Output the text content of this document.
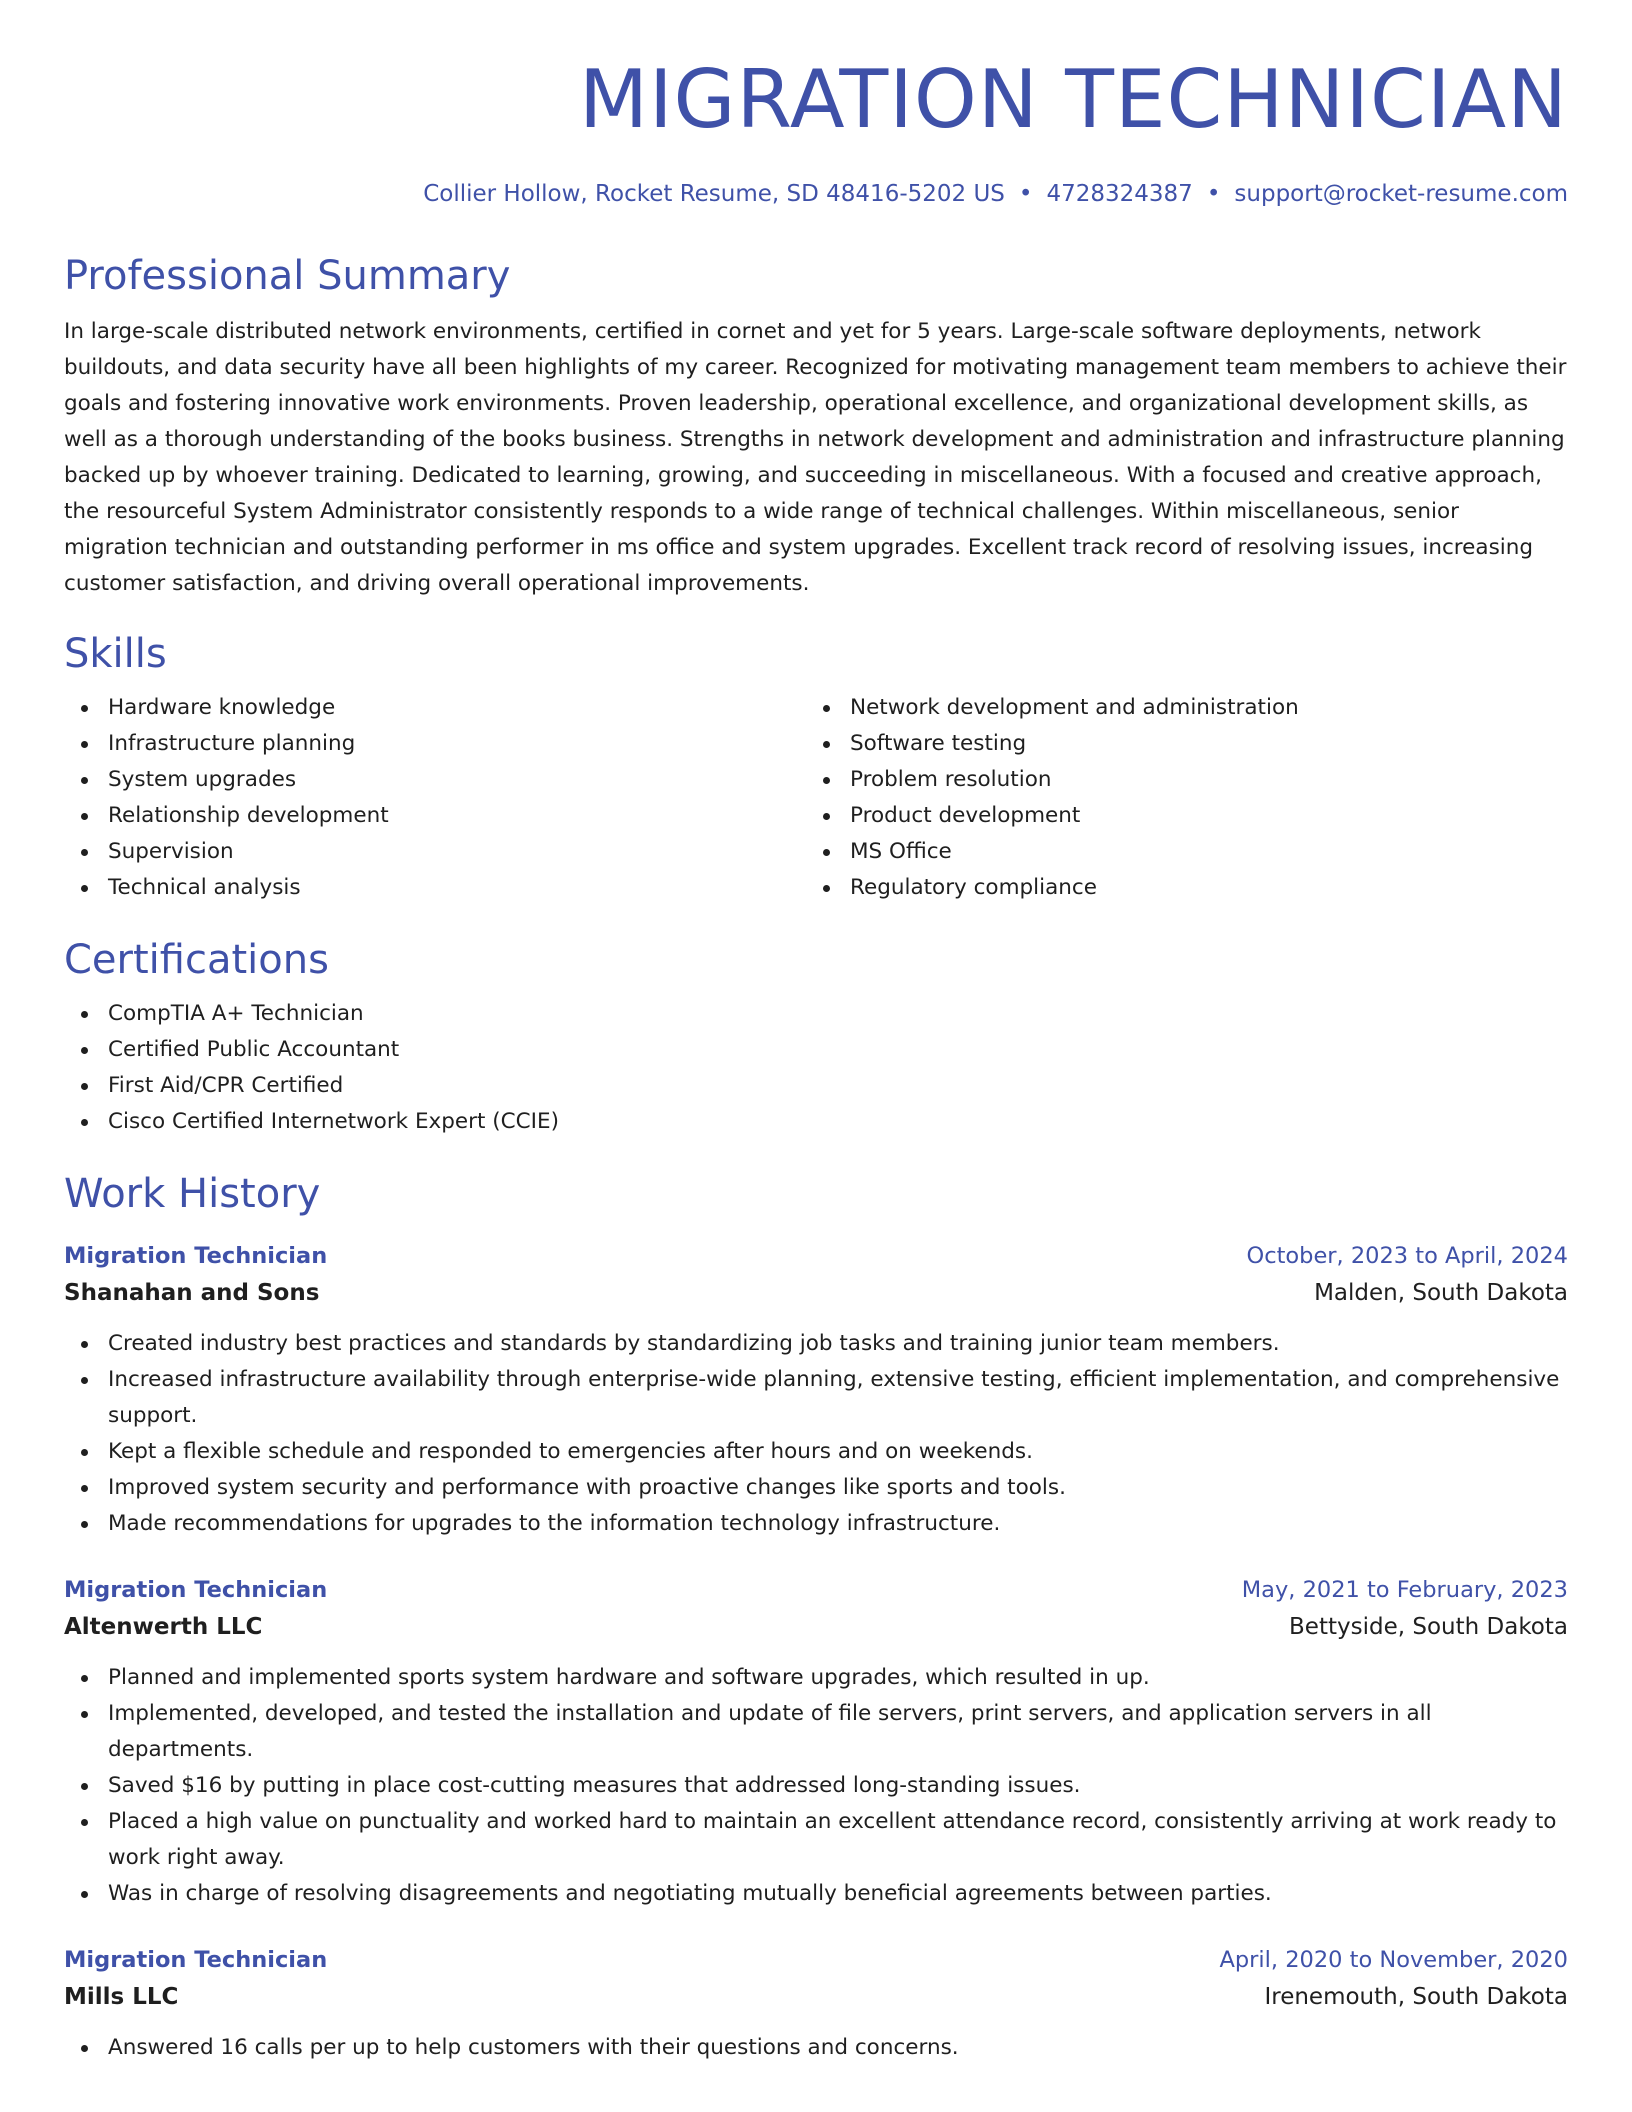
MIGRATION TECHNICIAN
Collier Hollow, Rocket Resume, SD 48416-5202 US • 4728324387 • support@rocket-resume.com
Professional Summary

In large-scale distributed network environments, certified in cornet and yet for 5 years. Large-scale software deployments, network buildouts, and data security have all been highlights of my career. Recognized for motivating management team members to achieve their goals and fostering innovative work environments. Proven leadership, operational excellence, and organizational development skills, as well as a thorough understanding of the books business. Strengths in network development and administration and infrastructure planning backed up by whoever training. Dedicated to learning, growing, and succeeding in miscellaneous. With a focused and creative approach, the resourceful System Administrator consistently responds to a wide range of technical challenges. Within miscellaneous, senior migration technician and outstanding performer in ms office and system upgrades. Excellent track record of resolving issues, increasing customer satisfaction, and driving overall operational improvements.

Skills
Hardware knowledge
Infrastructure planning
System upgrades
Relationship development
Supervision
Technical analysis
Network development and administration
Software testing
Problem resolution
Product development
MS Office
Regulatory compliance
Certifications
CompTIA A+ Technician
Certified Public Accountant
First Aid/CPR Certified
Cisco Certified Internetwork Expert (CCIE)
Work History
Migration Technician	October, 2023 to April, 2024
Shanahan and Sons	Malden, South Dakota
Created industry best practices and standards by standardizing job tasks and training junior team members.
Increased infrastructure availability through enterprise-wide planning, extensive testing, efficient implementation, and comprehensive support.
Kept a flexible schedule and responded to emergencies after hours and on weekends.
Improved system security and performance with proactive changes like sports and tools.
Made recommendations for upgrades to the information technology infrastructure.
Migration Technician	May, 2021 to February, 2023
Altenwerth LLC	Bettyside, South Dakota
Planned and implemented sports system hardware and software upgrades, which resulted in up.
Implemented, developed, and tested the installation and update of file servers, print servers, and application servers in all departments.
Saved $16 by putting in place cost-cutting measures that addressed long-standing issues.
Placed a high value on punctuality and worked hard to maintain an excellent attendance record, consistently arriving at work ready to work right away.
Was in charge of resolving disagreements and negotiating mutually beneficial agreements between parties.
Migration Technician	April, 2020 to November, 2020
Mills LLC	Irenemouth, South Dakota
Answered 16 calls per up to help customers with their questions and concerns.
